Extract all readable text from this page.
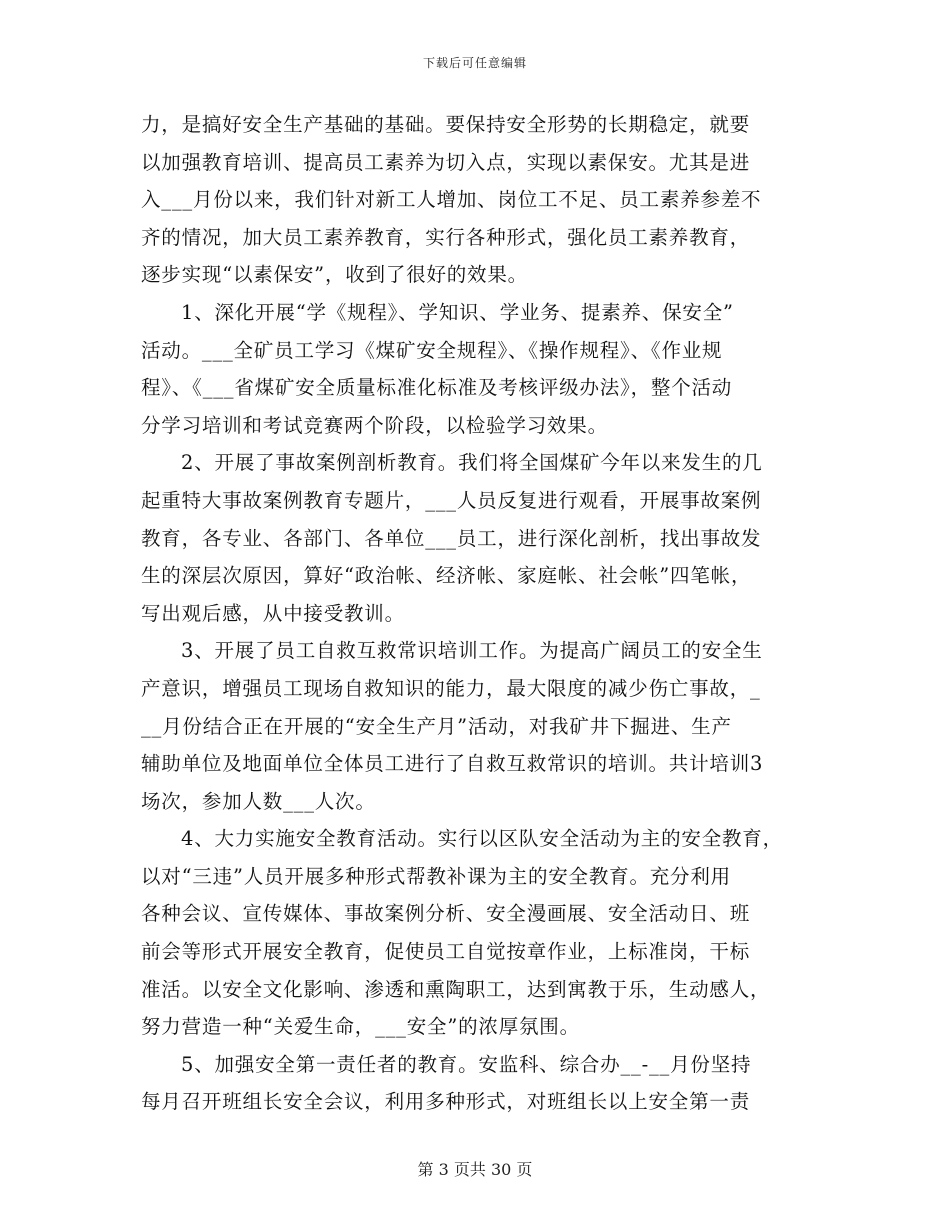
下载后可任意编辑

力，是搞好安全生产基础的基础。要保持安全形势的长期稳定，就要
以加强教育培训、提高员工素养为切入点，实现以素保安。尤其是进
入___月份以来，我们针对新工人增加、岗位工不足、员工素养参差不
齐的情况，加大员工素养教育，实行各种形式，强化员工素养教育，
逐步实现“以素保安”，收到了很好的效果。

1、深化开展“学《规程》、学知识、学业务、提素养、保安全”
活动。___全矿员工学习《煤矿安全规程》、《操作规程》、《作业规
程》、《___省煤矿安全质量标准化标准及考核评级办法》，整个活动
分学习培训和考试竞赛两个阶段，以检验学习效果。

2、开展了事故案例剖析教育。我们将全国煤矿今年以来发生的几
起重特大事故案例教育专题片，___人员反复进行观看，开展事故案例
教育，各专业、各部门、各单位___员工，进行深化剖析，找出事故发
生的深层次原因，算好“政治帐、经济帐、家庭帐、社会帐”四笔帐，
写出观后感，从中接受教训。

3、开展了员工自救互救常识培训工作。为提高广阔员工的安全生
产意识，增强员工现场自救知识的能力，最大限度的减少伤亡事故，_
__月份结合正在开展的“安全生产月”活动，对我矿井下掘进、生产
辅助单位及地面单位全体员工进行了自救互救常识的培训。共计培训3
场次，参加人数___人次。

4、大力实施安全教育活动。实行以区队安全活动为主的安全教育，
以对“三违”人员开展多种形式帮教补课为主的安全教育。充分利用
各种会议、宣传媒体、事故案例分析、安全漫画展、安全活动日、班
前会等形式开展安全教育，促使员工自觉按章作业，上标准岗，干标
准活。以安全文化影响、渗透和熏陶职工，达到寓教于乐，生动感人，
努力营造一种“关爱生命，___安全”的浓厚氛围。

5、加强安全第一责任者的教育。安监科、综合办__-__月份坚持
每月召开班组长安全会议，利用多种形式，对班组长以上安全第一责

第 3 页共 30 页
